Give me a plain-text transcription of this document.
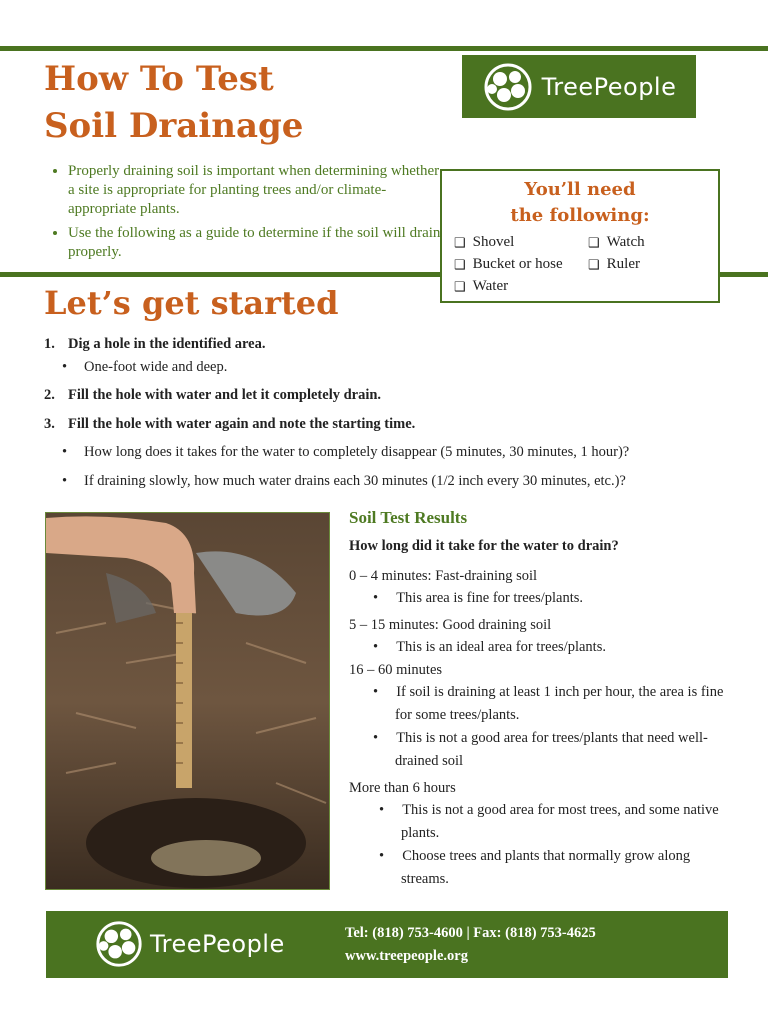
How To Test
Soil Drainage
TreePeople
• Properly draining soil is important when determining whether a site is appropriate for planting trees and/or climate-appropriate plants.
• Use the following as a guide to determine if the soil will drain properly.
You’ll need
the following:
❑ Shovel	❑ Watch
❑ Bucket or hose ❑ Ruler
❑ Water
Let’s get started
1. Dig a hole in the identified area.
• One-foot wide and deep.
2. Fill the hole with water and let it completely drain.
3. Fill the hole with water again and note the starting time.
• How long does it takes for the water to completely disappear (5 minutes, 30 minutes, 1 hour)?
• If draining slowly, how much water drains each 30 minutes (1/2 inch every 30 minutes, etc.)?

Soil Test Results

How long did it take for the water to drain?

0 – 4 minutes: Fast-draining soil

•     This area is fine for trees/plants.

5 – 15 minutes: Good draining soil

•     This is an ideal area for trees/plants.

16 – 60 minutes

•     If soil is draining at least 1 inch per hour, the area is fine for some trees/plants.

•     This is not a good area for trees/plants that need well-drained soil

More than 6 hours

•     This is not a good area for most trees, and some native plants.

•     Choose trees and plants that normally grow along streams.

TreePeople	Tel: (818) 753-4600 | Fax: (818) 753-4625
www.treepeople.org
